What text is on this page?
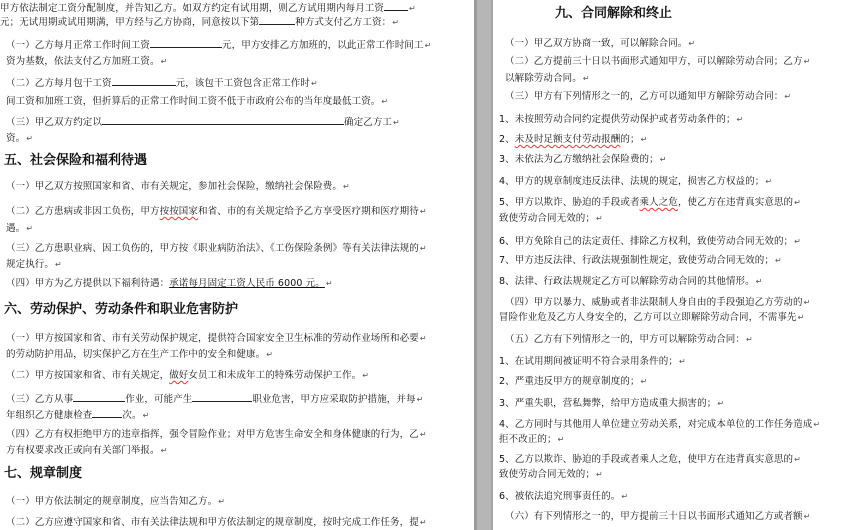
甲方依法制定工资分配制度，并告知乙方。如双方约定有试用期，则乙方试用期内每月工资	↵
元；无试用期或试用期满，甲方经与乙方协商，同意按以下第	种方式支付乙方工资：↵
（一）乙方每月正常工作时间工资	元，甲方安排乙方加班的，以此正常工作时间工↵
资为基数，依法支付乙方加班工资。↵
（二）乙方每月包干工资	元，该包干工资包含正常工作时↵
间工资和加班工资，但折算后的正常工作时间工资不低于市政府公布的当年度最低工资。↵
（三）甲乙双方约定以	确定乙方工↵
资。↵
（一）甲乙双方按照国家和省、市有关规定，参加社会保险，缴纳社会保险费。↵
（二）乙方患病或非因工负伤，甲方按按国家和省、市的有关规定给予乙方享受医疗期和医疗期待↵
遇。↵
（三）乙方患职业病、因工负伤的，甲方按《职业病防治法》、《工伤保险条例》等有关法律法规的↵
规定执行。↵
（四）甲方为乙方提供以下福利待遇：承诺每月固定工资人民币 6000 元。↵
（一）甲方按国家和省、市有关劳动保护规定，提供符合国家安全卫生标准的劳动作业场所和必要↵
的劳动防护用品，切实保护乙方在生产工作中的安全和健康。↵
（二）甲方按国家和省、市有关规定，做好女员工和未成年工的特殊劳动保护工作。↵
（三）乙方从事	作业，可能产生	职业危害，甲方应采取防护措施，并每↵
年组织乙方健康检查	次。↵
（四）乙方有权拒绝甲方的违章指挥，强令冒险作业；对甲方危害生命安全和身体健康的行为，乙↵
方有权要求改正或向有关部门举报。↵
（一）甲方依法制定的规章制度，应当告知乙方。↵
（二）乙方应遵守国家和省、市有关法律法规和甲方依法制定的规章制度，按时完成工作任务，提↵
五、社会保险和福利待遇
六、劳动保护、劳动条件和职业危害防护
七、规章制度
九、合同解除和终止
（一）甲乙双方协商一致，可以解除合同。↵
（二）乙方提前三十日以书面形式通知甲方，可以解除劳动合同；乙方↵
以解除劳动合同。↵
（三）甲方有下列情形之一的，乙方可以通知甲方解除劳动合同：↵
1、未按照劳动合同约定提供劳动保护或者劳动条件的；↵
2、未及时足额支付劳动报酬的；↵
3、未依法为乙方缴纳社会保险费的；↵
4、甲方的规章制度违反法律、法规的规定，损害乙方权益的；↵
5、甲方以欺诈、胁迫的手段或者乘人之危，使乙方在违背真实意思的↵
致使劳动合同无效的；↵
6、甲方免除自己的法定责任、排除乙方权利，致使劳动合同无效的；↵
7、甲方违反法律、行政法规强制性规定，致使劳动合同无效的；↵
8、法律、行政法规规定乙方可以解除劳动合同的其他情形。↵
（四）甲方以暴力、威胁或者非法限制人身自由的手段强迫乙方劳动的↵
冒险作业危及乙方人身安全的，乙方可以立即解除劳动合同，不需事先↵
（五）乙方有下列情形之一的，甲方可以解除劳动合同：↵
1、在试用期间被证明不符合录用条件的；↵
2、严重违反甲方的规章制度的；↵
3、严重失职，营私舞弊，给甲方造成重大损害的；↵
4、乙方同时与其他用人单位建立劳动关系，对完成本单位的工作任务造成↵
拒不改正的；↵
5、乙方以欺诈、胁迫的手段或者乘人之危，使甲方在违背真实意思的↵
致使劳动合同无效的；↵
6、被依法追究刑事责任的。↵
（六）有下列情形之一的，甲方提前三十日以书面形式通知乙方或者额↵
